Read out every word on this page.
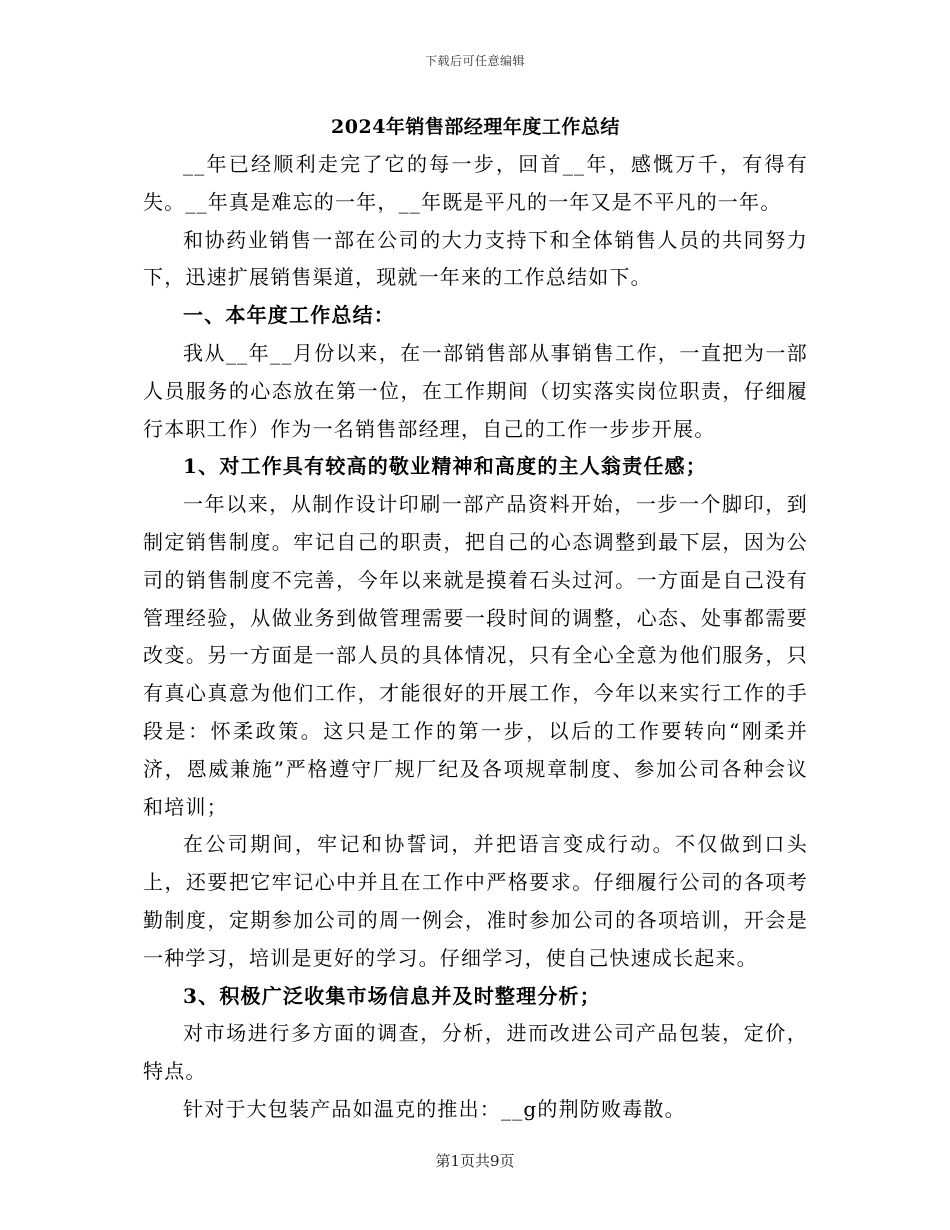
下载后可任意编辑
2024年销售部经理年度工作总结

__年已经顺利走完了它的每一步，回首__年，感慨万千，有得有失。__年真是难忘的一年，__年既是平凡的一年又是不平凡的一年。

和协药业销售一部在公司的大力支持下和全体销售人员的共同努力下，迅速扩展销售渠道，现就一年来的工作总结如下。

一、本年度工作总结：

我从__年__月份以来，在一部销售部从事销售工作，一直把为一部人员服务的心态放在第一位，在工作期间（切实落实岗位职责，仔细履行本职工作）作为一名销售部经理，自己的工作一步步开展。

1、对工作具有较高的敬业精神和高度的主人翁责任感；

一年以来，从制作设计印刷一部产品资料开始，一步一个脚印，到制定销售制度。牢记自己的职责，把自己的心态调整到最下层，因为公司的销售制度不完善，今年以来就是摸着石头过河。一方面是自己没有管理经验，从做业务到做管理需要一段时间的调整，心态、处事都需要改变。另一方面是一部人员的具体情况，只有全心全意为他们服务，只有真心真意为他们工作，才能很好的开展工作，今年以来实行工作的手段是：怀柔政策。这只是工作的第一步，以后的工作要转向“刚柔并济，恩威兼施”严格遵守厂规厂纪及各项规章制度、参加公司各种会议和培训；

在公司期间，牢记和协誓词，并把语言变成行动。不仅做到口头上，还要把它牢记心中并且在工作中严格要求。仔细履行公司的各项考勤制度，定期参加公司的周一例会，准时参加公司的各项培训，开会是一种学习，培训是更好的学习。仔细学习，使自己快速成长起来。

3、积极广泛收集市场信息并及时整理分析；

对市场进行多方面的调查，分析，进而改进公司产品包装，定价，特点。

针对于大包装产品如温克的推出：__g的荆防败毒散。

第1页共9页
